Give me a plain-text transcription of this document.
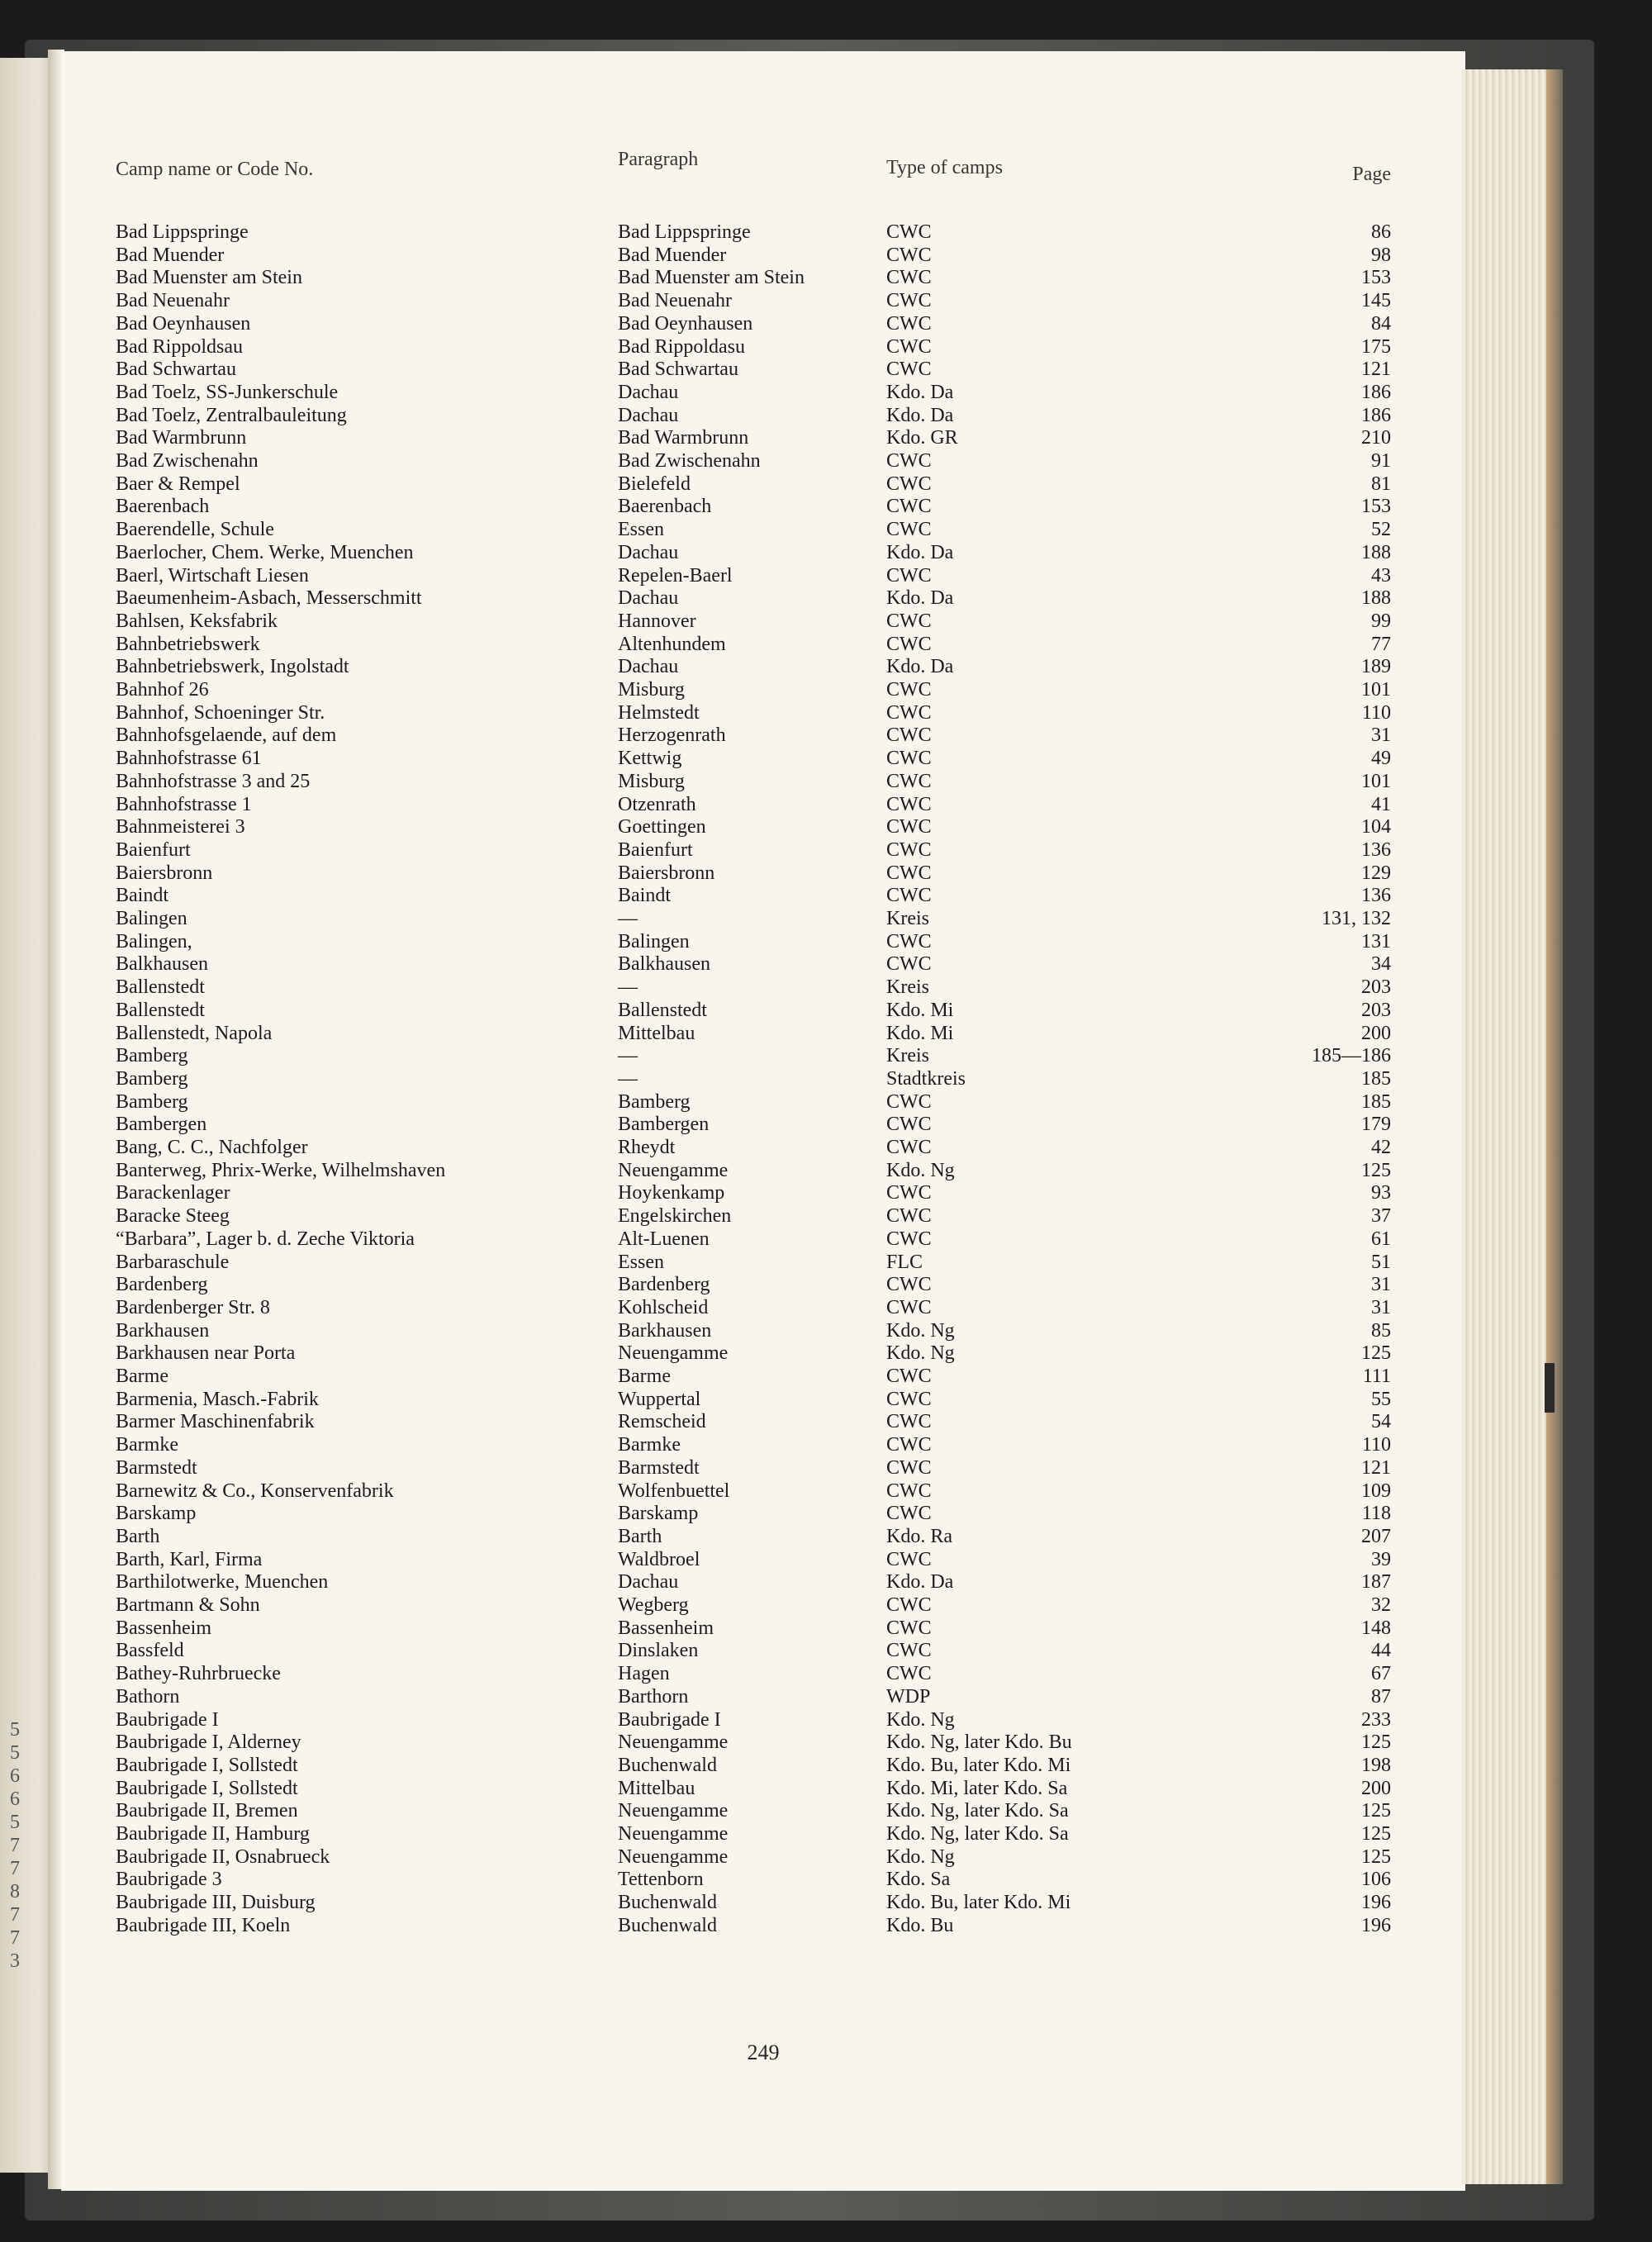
5
5
6
6
5
7
7
8
7
7
3
Camp name or Code No.	Paragraph	Type of camps	Page
Bad Lippspringe	Bad Lippspringe	CWC	86
Bad Muender	Bad Muender	CWC	98
Bad Muenster am Stein	Bad Muenster am Stein	CWC	153
Bad Neuenahr	Bad Neuenahr	CWC	145
Bad Oeynhausen	Bad Oeynhausen	CWC	84
Bad Rippoldsau	Bad Rippoldasu	CWC	175
Bad Schwartau	Bad Schwartau	CWC	121
Bad Toelz, SS-Junkerschule	Dachau	Kdo. Da	186
Bad Toelz, Zentralbauleitung	Dachau	Kdo. Da	186
Bad Warmbrunn	Bad Warmbrunn	Kdo. GR	210
Bad Zwischenahn	Bad Zwischenahn	CWC	91
Baer & Rempel	Bielefeld	CWC	81
Baerenbach	Baerenbach	CWC	153
Baerendelle, Schule	Essen	CWC	52
Baerlocher, Chem. Werke, Muenchen	Dachau	Kdo. Da	188
Baerl, Wirtschaft Liesen	Repelen-Baerl	CWC	43
Baeumenheim-Asbach, Messerschmitt	Dachau	Kdo. Da	188
Bahlsen, Keksfabrik	Hannover	CWC	99
Bahnbetriebswerk	Altenhundem	CWC	77
Bahnbetriebswerk, Ingolstadt	Dachau	Kdo. Da	189
Bahnhof 26	Misburg	CWC	101
Bahnhof, Schoeninger Str.	Helmstedt	CWC	110
Bahnhofsgelaende, auf dem	Herzogenrath	CWC	31
Bahnhofstrasse 61	Kettwig	CWC	49
Bahnhofstrasse 3 and 25	Misburg	CWC	101
Bahnhofstrasse 1	Otzenrath	CWC	41
Bahnmeisterei 3	Goettingen	CWC	104
Baienfurt	Baienfurt	CWC	136
Baiersbronn	Baiersbronn	CWC	129
Baindt	Baindt	CWC	136
Balingen	—	Kreis	131, 132
Balingen,	Balingen	CWC	131
Balkhausen	Balkhausen	CWC	34
Ballenstedt	—	Kreis	203
Ballenstedt	Ballenstedt	Kdo. Mi	203
Ballenstedt, Napola	Mittelbau	Kdo. Mi	200
Bamberg	—	Kreis	185—186
Bamberg	—	Stadtkreis	185
Bamberg	Bamberg	CWC	185
Bambergen	Bambergen	CWC	179
Bang, C. C., Nachfolger	Rheydt	CWC	42
Banterweg, Phrix-Werke, Wilhelmshaven	Neuengamme	Kdo. Ng	125
Barackenlager	Hoykenkamp	CWC	93
Baracke Steeg	Engelskirchen	CWC	37
“Barbara”, Lager b. d. Zeche Viktoria	Alt-Luenen	CWC	61
Barbaraschule	Essen	FLC	51
Bardenberg	Bardenberg	CWC	31
Bardenberger Str. 8	Kohlscheid	CWC	31
Barkhausen	Barkhausen	Kdo. Ng	85
Barkhausen near Porta	Neuengamme	Kdo. Ng	125
Barme	Barme	CWC	111
Barmenia, Masch.-Fabrik	Wuppertal	CWC	55
Barmer Maschinenfabrik	Remscheid	CWC	54
Barmke	Barmke	CWC	110
Barmstedt	Barmstedt	CWC	121
Barnewitz & Co., Konservenfabrik	Wolfenbuettel	CWC	109
Barskamp	Barskamp	CWC	118
Barth	Barth	Kdo. Ra	207
Barth, Karl, Firma	Waldbroel	CWC	39
Barthilotwerke, Muenchen	Dachau	Kdo. Da	187
Bartmann & Sohn	Wegberg	CWC	32
Bassenheim	Bassenheim	CWC	148
Bassfeld	Dinslaken	CWC	44
Bathey-Ruhrbruecke	Hagen	CWC	67
Bathorn	Barthorn	WDP	87
Baubrigade I	Baubrigade I	Kdo. Ng	233
Baubrigade I, Alderney	Neuengamme	Kdo. Ng, later Kdo. Bu	125
Baubrigade I, Sollstedt	Buchenwald	Kdo. Bu, later Kdo. Mi	198
Baubrigade I, Sollstedt	Mittelbau	Kdo. Mi, later Kdo. Sa	200
Baubrigade II, Bremen	Neuengamme	Kdo. Ng, later Kdo. Sa	125
Baubrigade II, Hamburg	Neuengamme	Kdo. Ng, later Kdo. Sa	125
Baubrigade II, Osnabrueck	Neuengamme	Kdo. Ng	125
Baubrigade 3	Tettenborn	Kdo. Sa	106
Baubrigade III, Duisburg	Buchenwald	Kdo. Bu, later Kdo. Mi	196
Baubrigade III, Koeln	Buchenwald	Kdo. Bu	196
249
